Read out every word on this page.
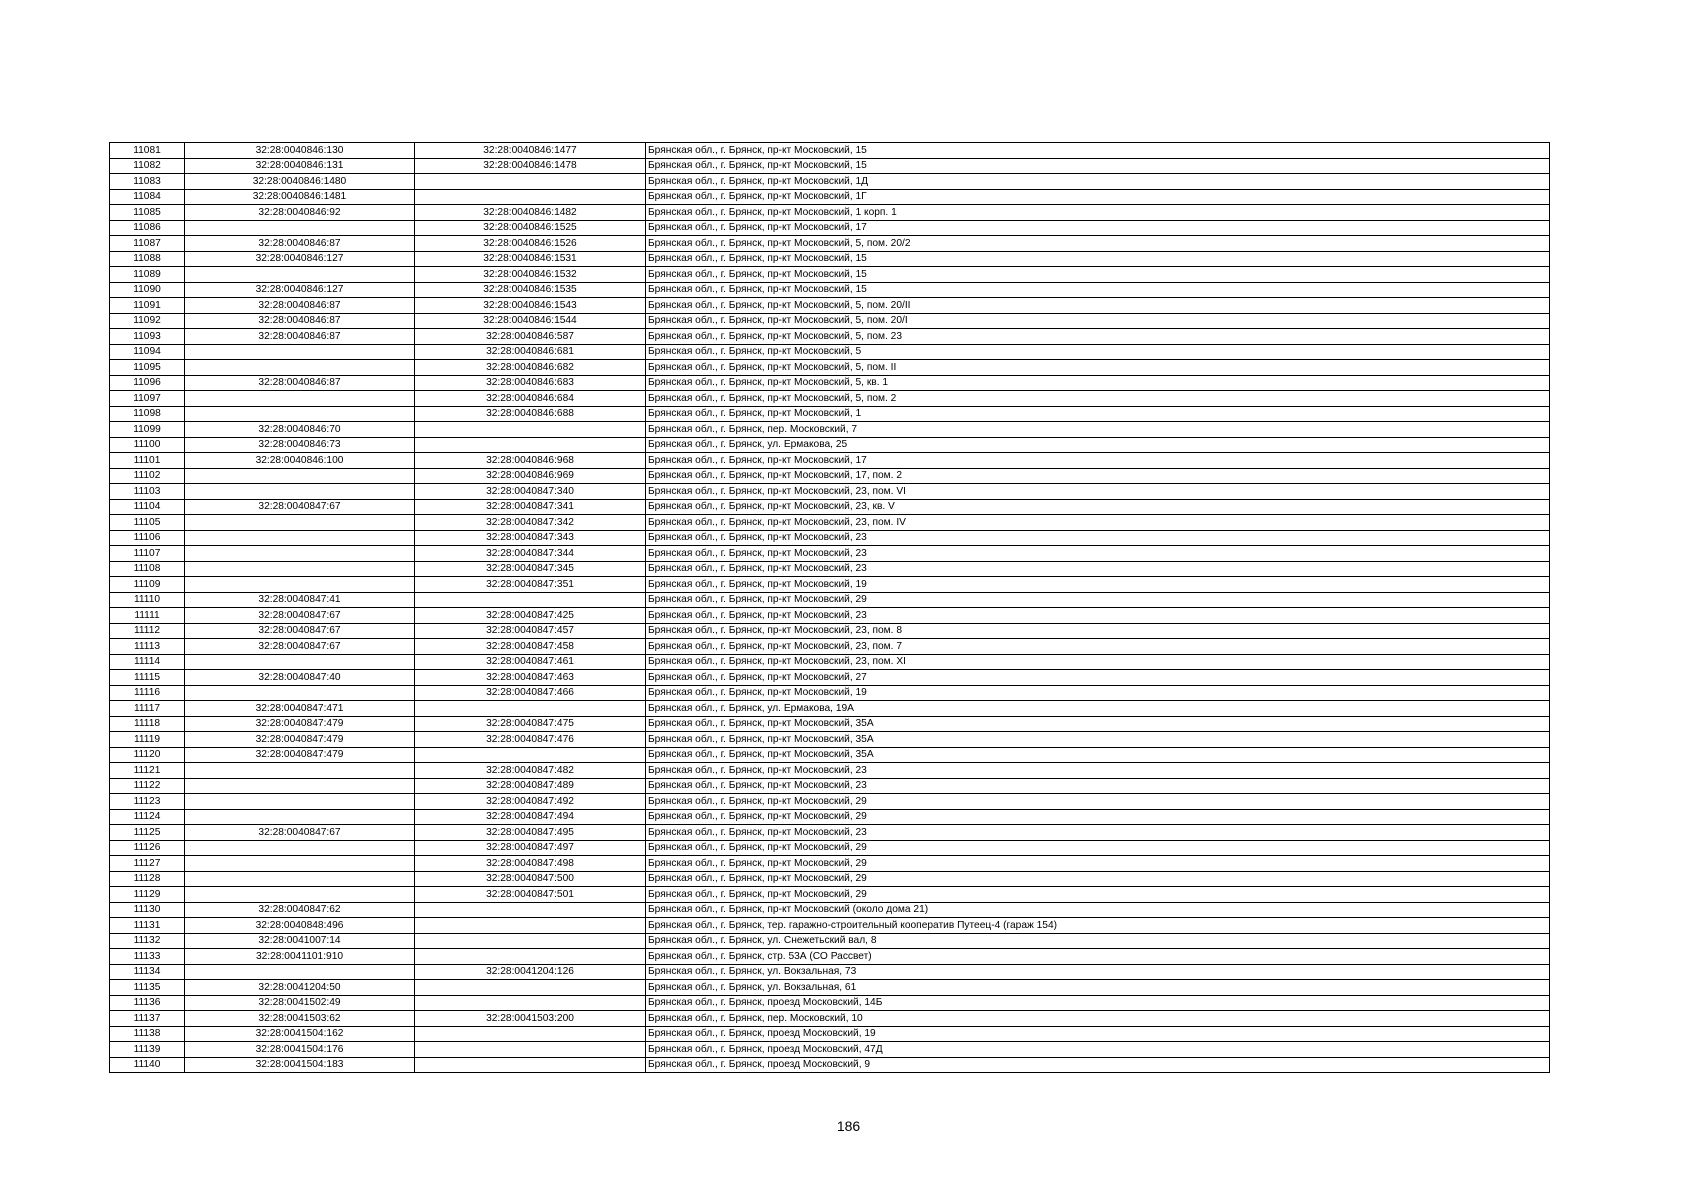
11081	32:28:0040846:130	32:28:0040846:1477	Брянская обл., г. Брянск, пр-кт Московский, 15
11082	32:28:0040846:131	32:28:0040846:1478	Брянская обл., г. Брянск, пр-кт Московский, 15
11083	32:28:0040846:1480		Брянская обл., г. Брянск, пр-кт Московский, 1Д
11084	32:28:0040846:1481		Брянская обл., г. Брянск, пр-кт Московский, 1Г
11085	32:28:0040846:92	32:28:0040846:1482	Брянская обл., г. Брянск, пр-кт Московский, 1 корп. 1
11086		32:28:0040846:1525	Брянская обл., г. Брянск, пр-кт Московский, 17
11087	32:28:0040846:87	32:28:0040846:1526	Брянская обл., г. Брянск, пр-кт Московский, 5, пом. 20/2
11088	32:28:0040846:127	32:28:0040846:1531	Брянская обл., г. Брянск, пр-кт Московский, 15
11089		32:28:0040846:1532	Брянская обл., г. Брянск, пр-кт Московский, 15
11090	32:28:0040846:127	32:28:0040846:1535	Брянская обл., г. Брянск, пр-кт Московский, 15
11091	32:28:0040846:87	32:28:0040846:1543	Брянская обл., г. Брянск, пр-кт Московский, 5, пом. 20/II
11092	32:28:0040846:87	32:28:0040846:1544	Брянская обл., г. Брянск, пр-кт Московский, 5, пом. 20/I
11093	32:28:0040846:87	32:28:0040846:587	Брянская обл., г. Брянск, пр-кт Московский, 5, пом. 23
11094		32:28:0040846:681	Брянская обл., г. Брянск, пр-кт Московский, 5
11095		32:28:0040846:682	Брянская обл., г. Брянск, пр-кт Московский, 5, пом. II
11096	32:28:0040846:87	32:28:0040846:683	Брянская обл., г. Брянск, пр-кт Московский, 5, кв. 1
11097		32:28:0040846:684	Брянская обл., г. Брянск, пр-кт Московский, 5, пом. 2
11098		32:28:0040846:688	Брянская обл., г. Брянск, пр-кт Московский, 1
11099	32:28:0040846:70		Брянская обл., г. Брянск, пер. Московский, 7
11100	32:28:0040846:73		Брянская обл., г. Брянск, ул. Ермакова, 25
11101	32:28:0040846:100	32:28:0040846:968	Брянская обл., г. Брянск, пр-кт Московский, 17
11102		32:28:0040846:969	Брянская обл., г. Брянск, пр-кт Московский, 17, пом. 2
11103		32:28:0040847:340	Брянская обл., г. Брянск, пр-кт Московский, 23, пом. VI
11104	32:28:0040847:67	32:28:0040847:341	Брянская обл., г. Брянск, пр-кт Московский, 23, кв. V
11105		32:28:0040847:342	Брянская обл., г. Брянск, пр-кт Московский, 23, пом. IV
11106		32:28:0040847:343	Брянская обл., г. Брянск, пр-кт Московский, 23
11107		32:28:0040847:344	Брянская обл., г. Брянск, пр-кт Московский, 23
11108		32:28:0040847:345	Брянская обл., г. Брянск, пр-кт Московский, 23
11109		32:28:0040847:351	Брянская обл., г. Брянск, пр-кт Московский, 19
11110	32:28:0040847:41		Брянская обл., г. Брянск, пр-кт Московский, 29
11111	32:28:0040847:67	32:28:0040847:425	Брянская обл., г. Брянск, пр-кт Московский, 23
11112	32:28:0040847:67	32:28:0040847:457	Брянская обл., г. Брянск, пр-кт Московский, 23, пом. 8
11113	32:28:0040847:67	32:28:0040847:458	Брянская обл., г. Брянск, пр-кт Московский, 23, пом. 7
11114		32:28:0040847:461	Брянская обл., г. Брянск, пр-кт Московский, 23, пом. XI
11115	32:28:0040847:40	32:28:0040847:463	Брянская обл., г. Брянск, пр-кт Московский, 27
11116		32:28:0040847:466	Брянская обл., г. Брянск, пр-кт Московский, 19
11117	32:28:0040847:471		Брянская обл., г. Брянск, ул. Ермакова, 19А
11118	32:28:0040847:479	32:28:0040847:475	Брянская обл., г. Брянск, пр-кт Московский, 35А
11119	32:28:0040847:479	32:28:0040847:476	Брянская обл., г. Брянск, пр-кт Московский, 35А
11120	32:28:0040847:479		Брянская обл., г. Брянск, пр-кт Московский, 35А
11121		32:28:0040847:482	Брянская обл., г. Брянск, пр-кт Московский, 23
11122		32:28:0040847:489	Брянская обл., г. Брянск, пр-кт Московский, 23
11123		32:28:0040847:492	Брянская обл., г. Брянск, пр-кт Московский, 29
11124		32:28:0040847:494	Брянская обл., г. Брянск, пр-кт Московский, 29
11125	32:28:0040847:67	32:28:0040847:495	Брянская обл., г. Брянск, пр-кт Московский, 23
11126		32:28:0040847:497	Брянская обл., г. Брянск, пр-кт Московский, 29
11127		32:28:0040847:498	Брянская обл., г. Брянск, пр-кт Московский, 29
11128		32:28:0040847:500	Брянская обл., г. Брянск, пр-кт Московский, 29
11129		32:28:0040847:501	Брянская обл., г. Брянск, пр-кт Московский, 29
11130	32:28:0040847:62		Брянская обл., г. Брянск, пр-кт Московский (около дома 21)
11131	32:28:0040848:496		Брянская обл., г. Брянск, тер. гаражно-строительный кооператив Путеец-4 (гараж 154)
11132	32:28:0041007:14		Брянская обл., г. Брянск, ул. Снежетьский вал, 8
11133	32:28:0041101:910		Брянская обл., г. Брянск, стр. 53А (СО Рассвет)
11134		32:28:0041204:126	Брянская обл., г. Брянск, ул. Вокзальная, 73
11135	32:28:0041204:50		Брянская обл., г. Брянск, ул. Вокзальная, 61
11136	32:28:0041502:49		Брянская обл., г. Брянск, проезд Московский, 14Б
11137	32:28:0041503:62	32:28:0041503:200	Брянская обл., г. Брянск, пер. Московский, 10
11138	32:28:0041504:162		Брянская обл., г. Брянск, проезд Московский, 19
11139	32:28:0041504:176		Брянская обл., г. Брянск, проезд Московский, 47Д
11140	32:28:0041504:183		Брянская обл., г. Брянск, проезд Московский, 9
186
